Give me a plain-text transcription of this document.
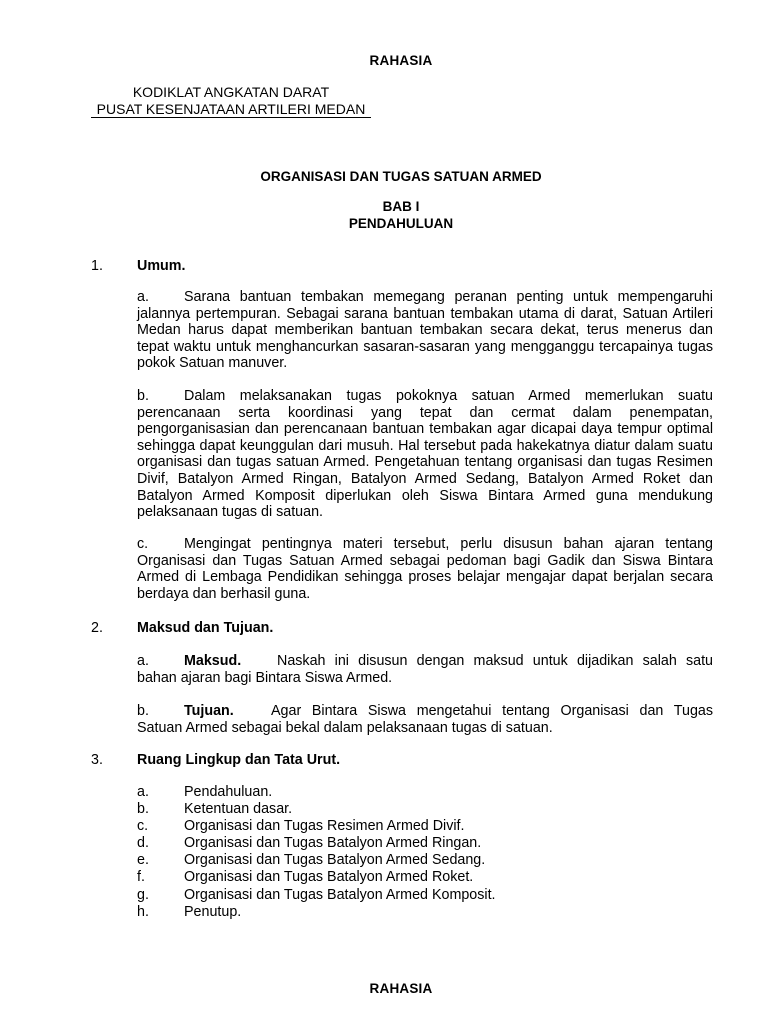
RAHASIA
KODIKLAT ANGKATAN DARAT
PUSAT KESENJATAAN ARTILERI MEDAN
ORGANISASI DAN TUGAS SATUAN ARMED
BAB I
PENDAHULUAN
1. Umum.

a. Sarana bantuan tembakan memegang peranan penting untuk mempengaruhi jalannya pertempuran. Sebagai sarana bantuan tembakan utama di darat, Satuan Artileri Medan harus dapat memberikan bantuan tembakan secara dekat, terus menerus dan tepat waktu untuk menghancurkan sasaran-sasaran yang mengganggu tercapainya tugas pokok Satuan manuver.

b. Dalam melaksanakan tugas pokoknya satuan Armed memerlukan suatu perencanaan serta koordinasi yang tepat dan cermat dalam penempatan, pengorganisasian dan perencanaan bantuan tembakan agar dicapai daya tempur optimal sehingga dapat keunggulan dari musuh. Hal tersebut pada hakekatnya diatur dalam suatu organisasi dan tugas satuan Armed. Pengetahuan tentang organisasi dan tugas Resimen Divif, Batalyon Armed Ringan, Batalyon Armed Sedang, Batalyon Armed Roket dan Batalyon Armed Komposit diperlukan oleh Siswa Bintara Armed guna mendukung pelaksanaan tugas di satuan.

c.	Mengingat pentingnya materi tersebut, perlu disusun bahan ajaran tentang Organisasi dan Tugas Satuan Armed sebagai pedoman bagi Gadik dan Siswa Bintara Armed di Lembaga Pendidikan sehingga proses belajar mengajar dapat berjalan secara berdaya dan berhasil guna.

2. Maksud dan Tujuan.

a. Maksud.	Naskah ini disusun dengan maksud untuk dijadikan salah satu bahan ajaran bagi Bintara Siswa Armed.

b. Tujuan.	Agar Bintara Siswa mengetahui tentang Organisasi dan Tugas Satuan Armed sebagai bekal dalam pelaksanaan tugas di satuan.

3. Ruang Lingkup dan Tata Urut.
a.	Pendahuluan.
b.	Ketentuan dasar.
c.	Organisasi dan Tugas Resimen Armed Divif.
d.	Organisasi dan Tugas Batalyon Armed Ringan.
e.	Organisasi dan Tugas Batalyon Armed Sedang.
f.	Organisasi dan Tugas Batalyon Armed Roket.
g.	Organisasi dan Tugas Batalyon Armed Komposit.
h.	Penutup.
RAHASIA
